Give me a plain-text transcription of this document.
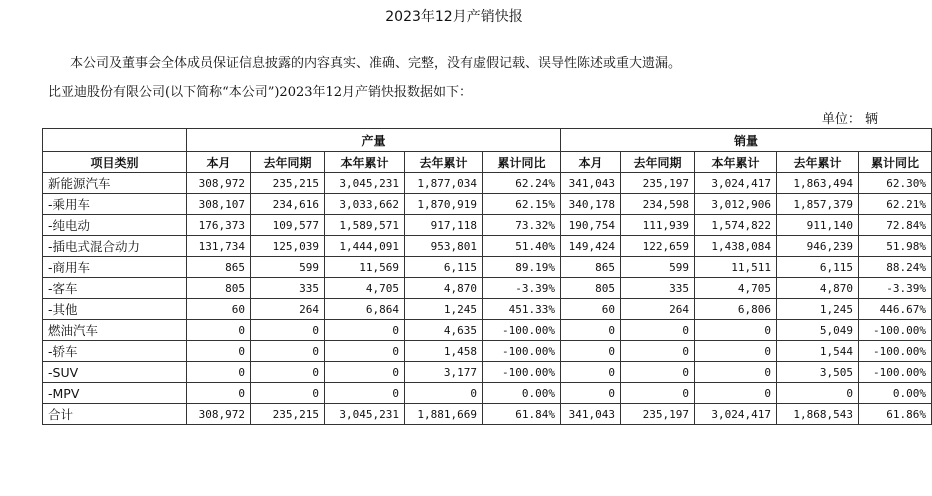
2023年12月产销快报
本公司及董事会全体成员保证信息披露的内容真实、准确、完整，没有虚假记载、误导性陈述或重大遗漏。
比亚迪股份有限公司(以下简称“本公司”)2023年12月产销快报数据如下：
单位： 辆
	产量					销量				
项目类别	本月	去年同期	本年累计	去年累计	累计同比	本月	去年同期	本年累计	去年累计	累计同比
新能源汽车	308,972	235,215	3,045,231	1,877,034	62.24%	341,043	235,197	3,024,417	1,863,494	62.30%
-乘用车	308,107	234,616	3,033,662	1,870,919	62.15%	340,178	234,598	3,012,906	1,857,379	62.21%
-纯电动	176,373	109,577	1,589,571	917,118	73.32%	190,754	111,939	1,574,822	911,140	72.84%
-插电式混合动力	131,734	125,039	1,444,091	953,801	51.40%	149,424	122,659	1,438,084	946,239	51.98%
-商用车	865	599	11,569	6,115	89.19%	865	599	11,511	6,115	88.24%
-客车	805	335	4,705	4,870	-3.39%	805	335	4,705	4,870	-3.39%
-其他	60	264	6,864	1,245	451.33%	60	264	6,806	1,245	446.67%
燃油汽车	0	0	0	4,635	-100.00%	0	0	0	5,049	-100.00%
-轿车	0	0	0	1,458	-100.00%	0	0	0	1,544	-100.00%
-SUV	0	0	0	3,177	-100.00%	0	0	0	3,505	-100.00%
-MPV	0	0	0	0	0.00%	0	0	0	0	0.00%
合计	308,972	235,215	3,045,231	1,881,669	61.84%	341,043	235,197	3,024,417	1,868,543	61.86%
